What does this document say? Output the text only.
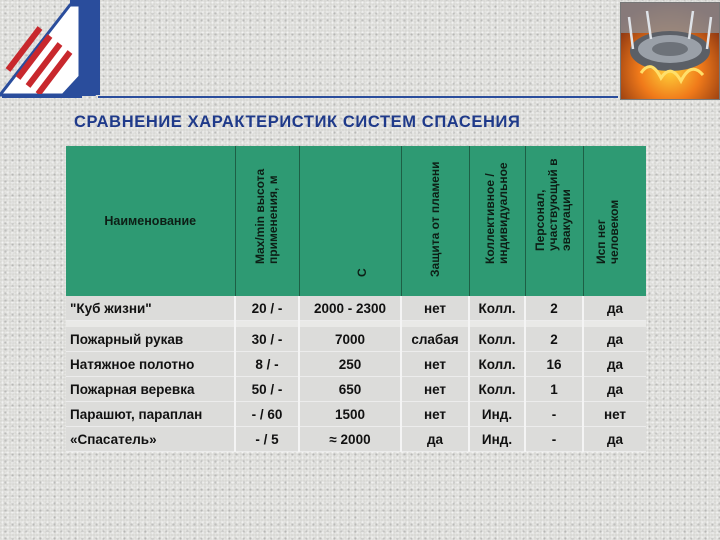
СРАВНЕНИЕ ХАРАКТЕРИСТИК СИСТЕМ СПАСЕНИЯ
Наименование	Max/min высота применения, м	С	Защита от пламени	Коллективное / индивидуальное	Персонал, участвующий в эвакуации	Исп нег человеком

"Куб жизни"	20 / -	2000 - 2300	нет	Колл.	2	да

Пожарный рукав	30 / -	7000	слабая	Колл.	2	да
Натяжное полотно	8 / -	250	нет	Колл.	16	да
Пожарная веревка	50 / -	650	нет	Колл.	1	да
Парашют, параплан	- / 60	1500	нет	Инд.	-	нет
«Спасатель»	- / 5	≈ 2000	да	Инд.	-	да
